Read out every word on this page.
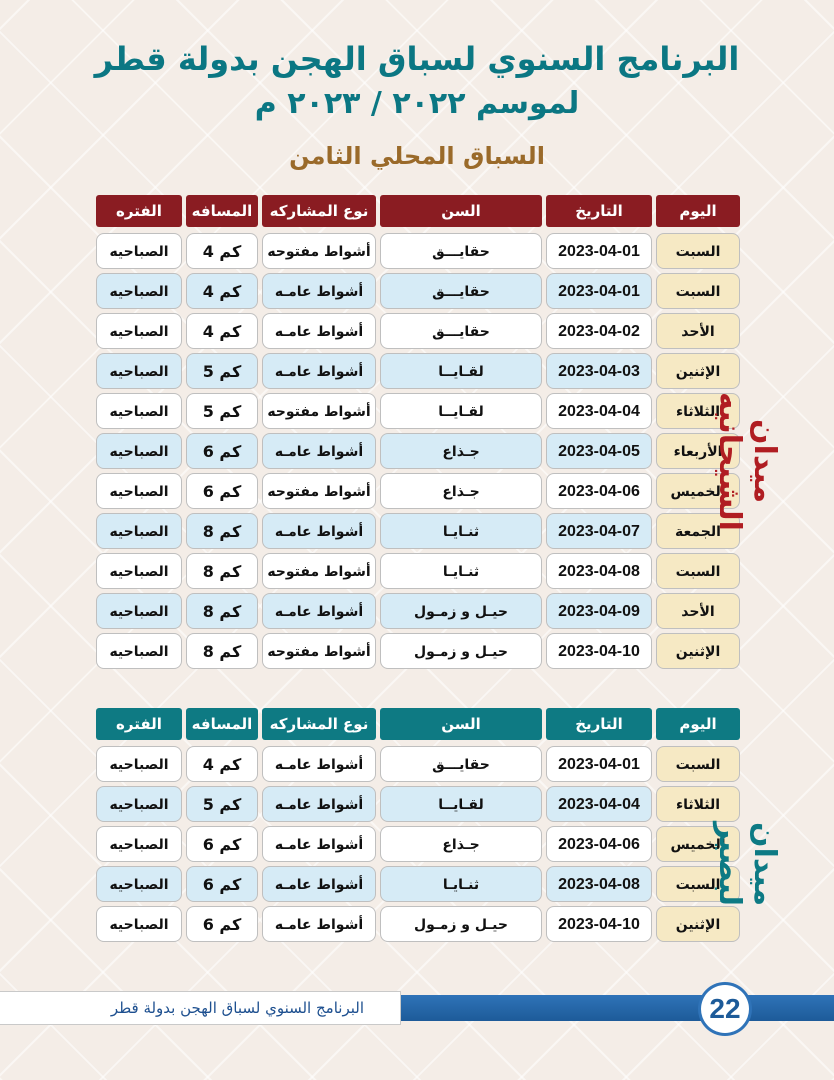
البرنامج السنوي لسباق الهجن بدولة قطر
لموسم ٢٠٢٢ / ٢٠٢٣ م
السباق المحلي الثامن
الفتره	المسافه	نوع المشاركه	السن	التاريخ	اليوم
الصباحيه	4 كم	أشواط مفتوحه	حقايـــق	2023-04-01	السبت
الصباحيه	4 كم	أشواط عامـه	حقايـــق	2023-04-01	السبت
الصباحيه	4 كم	أشواط عامـه	حقايـــق	2023-04-02	الأحد
الصباحيه	5 كم	أشواط عامـه	لقـايــا	2023-04-03	الإثنين
الصباحيه	5 كم	أشواط مفتوحه	لقـايــا	2023-04-04	الثلاثاء
الصباحيه	6 كم	أشواط عامـه	جـذاع	2023-04-05	الأربعاء
الصباحيه	6 كم	أشواط مفتوحه	جـذاع	2023-04-06	الخميس
الصباحيه	8 كم	أشواط عامـه	ثنـايـا	2023-04-07	الجمعة
الصباحيه	8 كم	أشواط مفتوحه	ثنـايـا	2023-04-08	السبت
الصباحيه	8 كم	أشواط عامـه	حيـل و زمـول	2023-04-09	الأحد
الصباحيه	8 كم	أشواط مفتوحه	حيـل و زمـول	2023-04-10	الإثنين
ميدان الشيحانيه
الفتره	المسافه	نوع المشاركه	السن	التاريخ	اليوم
الصباحيه	4 كم	أشواط عامـه	حقايـــق	2023-04-01	السبت
الصباحيه	5 كم	أشواط عامـه	لقـايــا	2023-04-04	الثلاثاء
الصباحيه	6 كم	أشواط عامـه	جـذاع	2023-04-06	الخميس
الصباحيه	6 كم	أشواط عامـه	ثنـايـا	2023-04-08	السبت
الصباحيه	6 كم	أشواط عامـه	حيـل و زمـول	2023-04-10	الإثنين
ميدان لبصير
البرنامج السنوي لسباق الهجن بدولة قطر	22
